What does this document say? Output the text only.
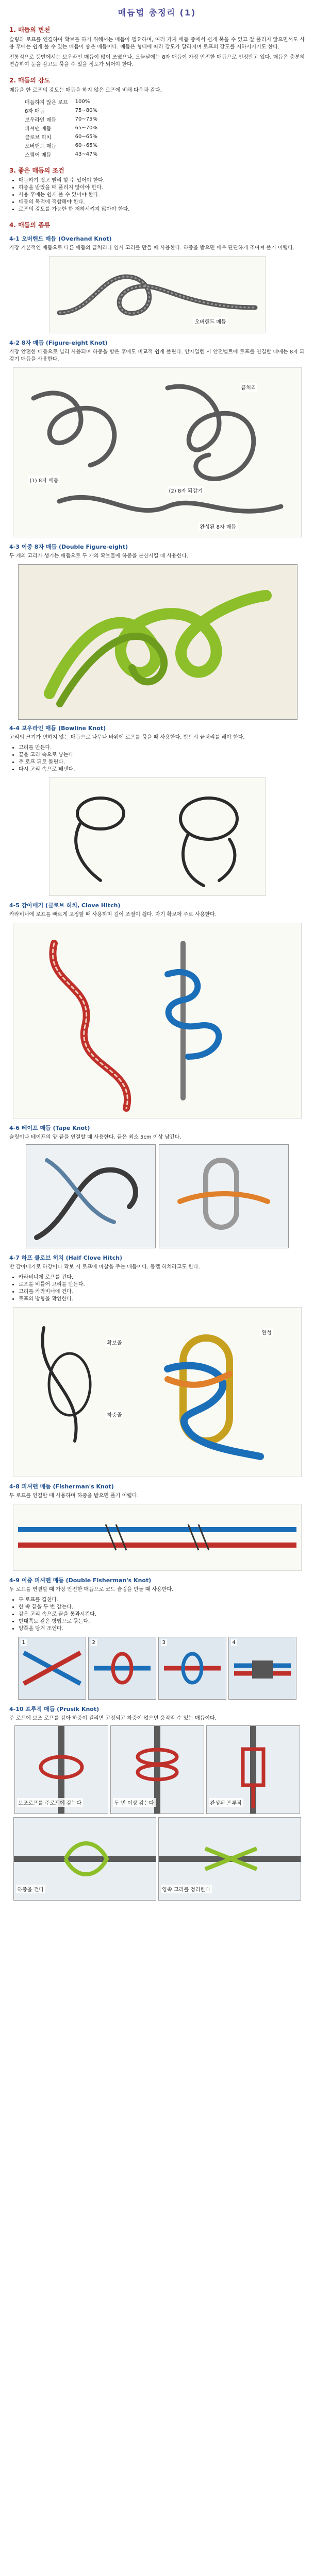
매듭법 총정리 (1)
1. 매듭의 변천

슬링과 로프를 연결하여 확보를 하기 위해서는 매듭이 필요하며, 여러 가지 매듭 중에서 쉽게 묶을 수 있고 잘 풀리지 않으면서도 사용 후에는 쉽게 풀 수 있는 매듭이 좋은 매듭이다. 매듭은 형태에 따라 강도가 달라지며 로프의 강도를 저하시키기도 한다.

전통적으로 등반에서는 보우라인 매듭이 많이 쓰였으나, 오늘날에는 8자 매듭이 가장 안전한 매듭으로 인정받고 있다. 매듭은 충분히 연습하여 눈을 감고도 묶을 수 있을 정도가 되어야 한다.

2. 매듭의 강도

매듭을 한 로프의 강도는 매듭을 하지 않은 로프에 비해 다음과 같다.

매듭하지 않은 로프	100%
8자 매듭	75~80%
보우라인 매듭	70~75%
피셔맨 매듭	65~70%
클로브 히치	60~65%
오버핸드 매듭	60~65%
스퀘어 매듭	43~47%
3. 좋은 매듭의 조건
• 매듭하기 쉽고 빨리 할 수 있어야 한다.
• 하중을 받았을 때 풀리지 않아야 한다.
• 사용 후에는 쉽게 풀 수 있어야 한다.
• 매듭의 목적에 적합해야 한다.
• 로프의 강도를 가능한 한 저하시키지 않아야 한다.
4. 매듭의 종류
4-1 오버핸드 매듭 (Overhand Knot)

가장 기본적인 매듭으로 다른 매듭의 끝처리나 임시 고리를 만들 때 사용한다. 하중을 받으면 매우 단단하게 조여져 풀기 어렵다.

오버핸드 매듭
4-2 8자 매듭 (Figure-eight Knot)

가장 안전한 매듭으로 널리 사용되며 하중을 받은 후에도 비교적 쉽게 풀린다. 안자일렌 시 안전벨트에 로프를 연결할 때에는 8자 되감기 매듭을 사용한다.

(1) 8자 매듭
(2) 8자 되감기
끝처리
완성된 8자 매듭
4-3 이중 8자 매듭 (Double Figure-eight)

두 개의 고리가 생기는 매듭으로 두 개의 확보물에 하중을 분산시킬 때 사용한다.

4-4 보우라인 매듭 (Bowline Knot)

고리의 크기가 변하지 않는 매듭으로 나무나 바위에 로프를 묶을 때 사용한다. 반드시 끝처리를 해야 한다.

• 고리를 만든다.
• 끝을 고리 속으로 넣는다.
• 주 로프 뒤로 돌린다.
• 다시 고리 속으로 빼낸다.
4-5 감아매기 (클로브 히치, Clove Hitch)

카라비너에 로프를 빠르게 고정할 때 사용하며 길이 조절이 쉽다. 자기 확보에 주로 사용한다.

4-6 테이프 매듭 (Tape Knot)

슬링이나 테이프의 양 끝을 연결할 때 사용한다. 끝은 최소 5cm 이상 남긴다.

4-7 하프 클로브 히치 (Half Clove Hitch)

반 감아매기로 하강이나 확보 시 로프에 마찰을 주는 매듭이다. 뭉켈 히치라고도 한다.

• 카라비너에 로프를 건다.
• 로프를 비틀어 고리를 만든다.
• 고리를 카라비너에 건다.
• 로프의 방향을 확인한다.
확보줄
하중줄
완성
4-8 피셔맨 매듭 (Fisherman's Knot)

두 로프를 연결할 때 사용하며 하중을 받으면 풀기 어렵다.

4-9 이중 피셔맨 매듭 (Double Fisherman's Knot)

두 로프를 연결할 때 가장 안전한 매듭으로 코드 슬링을 만들 때 사용한다.

• 두 로프를 겹친다.
• 한 쪽 끝을 두 번 감는다.
• 감은 고리 속으로 끝을 통과시킨다.
• 반대쪽도 같은 방법으로 묶는다.
• 양쪽을 당겨 조인다.
1	2	3	4
4-10 프루직 매듭 (Prusik Knot)

주 로프에 보조 로프를 감아 하중이 걸리면 고정되고 하중이 없으면 움직일 수 있는 매듭이다.

보조로프를 주로프에 감는다	두 번 이상 감는다	완성된 프루직
하중을 건다	양쪽 고리를 정리한다
